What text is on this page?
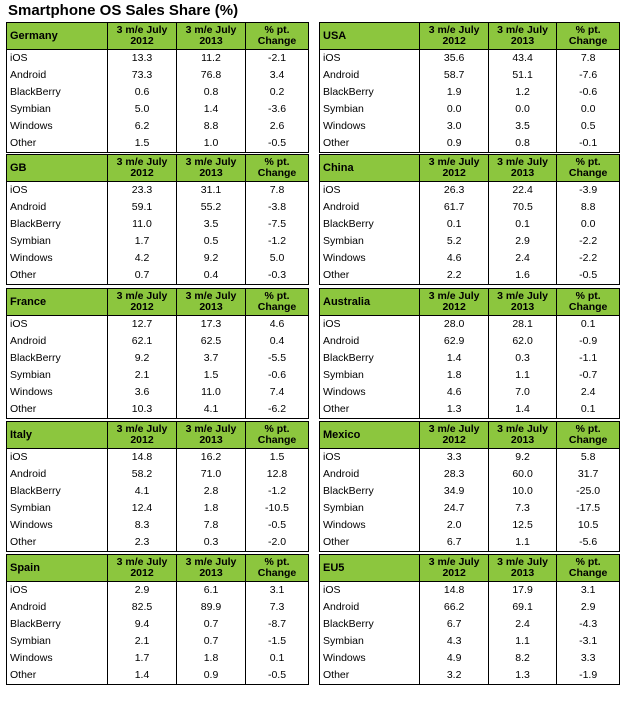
Smartphone OS Sales Share (%)
Germany	3 m/e July 2012	3 m/e July 2013	% pt. Change
iOS	13.3	11.2	-2.1
Android	73.3	76.8	3.4
BlackBerry	0.6	0.8	0.2
Symbian	5.0	1.4	-3.6
Windows	6.2	8.8	2.6
Other	1.5	1.0	-0.5
USA	3 m/e July 2012	3 m/e July 2013	% pt. Change
iOS	35.6	43.4	7.8
Android	58.7	51.1	-7.6
BlackBerry	1.9	1.2	-0.6
Symbian	0.0	0.0	0.0
Windows	3.0	3.5	0.5
Other	0.9	0.8	-0.1
GB	3 m/e July 2012	3 m/e July 2013	% pt. Change
iOS	23.3	31.1	7.8
Android	59.1	55.2	-3.8
BlackBerry	11.0	3.5	-7.5
Symbian	1.7	0.5	-1.2
Windows	4.2	9.2	5.0
Other	0.7	0.4	-0.3
China	3 m/e July 2012	3 m/e July 2013	% pt. Change
iOS	26.3	22.4	-3.9
Android	61.7	70.5	8.8
BlackBerry	0.1	0.1	0.0
Symbian	5.2	2.9	-2.2
Windows	4.6	2.4	-2.2
Other	2.2	1.6	-0.5
France	3 m/e July 2012	3 m/e July 2013	% pt. Change
iOS	12.7	17.3	4.6
Android	62.1	62.5	0.4
BlackBerry	9.2	3.7	-5.5
Symbian	2.1	1.5	-0.6
Windows	3.6	11.0	7.4
Other	10.3	4.1	-6.2
Australia	3 m/e July 2012	3 m/e July 2013	% pt. Change
iOS	28.0	28.1	0.1
Android	62.9	62.0	-0.9
BlackBerry	1.4	0.3	-1.1
Symbian	1.8	1.1	-0.7
Windows	4.6	7.0	2.4
Other	1.3	1.4	0.1
Italy	3 m/e July 2012	3 m/e July 2013	% pt. Change
iOS	14.8	16.2	1.5
Android	58.2	71.0	12.8
BlackBerry	4.1	2.8	-1.2
Symbian	12.4	1.8	-10.5
Windows	8.3	7.8	-0.5
Other	2.3	0.3	-2.0
Mexico	3 m/e July 2012	3 m/e July 2013	% pt. Change
iOS	3.3	9.2	5.8
Android	28.3	60.0	31.7
BlackBerry	34.9	10.0	-25.0
Symbian	24.7	7.3	-17.5
Windows	2.0	12.5	10.5
Other	6.7	1.1	-5.6
Spain	3 m/e July 2012	3 m/e July 2013	% pt. Change
iOS	2.9	6.1	3.1
Android	82.5	89.9	7.3
BlackBerry	9.4	0.7	-8.7
Symbian	2.1	0.7	-1.5
Windows	1.7	1.8	0.1
Other	1.4	0.9	-0.5
EU5	3 m/e July 2012	3 m/e July 2013	% pt. Change
iOS	14.8	17.9	3.1
Android	66.2	69.1	2.9
BlackBerry	6.7	2.4	-4.3
Symbian	4.3	1.1	-3.1
Windows	4.9	8.2	3.3
Other	3.2	1.3	-1.9
